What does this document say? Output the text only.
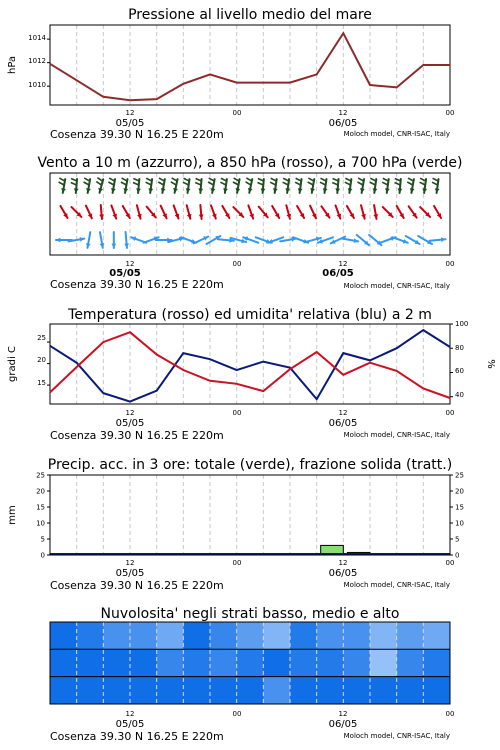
Pressione al livello medio del mare
1014
1012
1010
hPa
12	00	12	00
05/05	06/05
Cosenza 39.30 N 16.25 E 220m	Moloch model, CNR-ISAC, Italy
Vento a 10 m (azzurro), a 850 hPa (rosso), a 700 hPa (verde)
12	00	12	00
05/05	06/05
Cosenza 39.30 N 16.25 E 220m	Moloch model, CNR-ISAC, Italy
Temperatura (rosso) ed umidita' relativa (blu) a 2 m
25
20
15
100
80
60
40
gradi C	%
12	00	12	00
05/05	06/05
Cosenza 39.30 N 16.25 E 220m	Moloch model, CNR-ISAC, Italy
Precip. acc. in 3 ore: totale (verde), frazione solida (tratt.)
0	0
5	5
10	10
15	15
20	20
25	25
mm
12	00	12	00
05/05	06/05
Cosenza 39.30 N 16.25 E 220m	Moloch model, CNR-ISAC, Italy
Nuvolosita' negli strati basso, medio e alto
12	00	12	00
05/05	06/05
Cosenza 39.30 N 16.25 E 220m	Moloch model, CNR-ISAC, Italy
